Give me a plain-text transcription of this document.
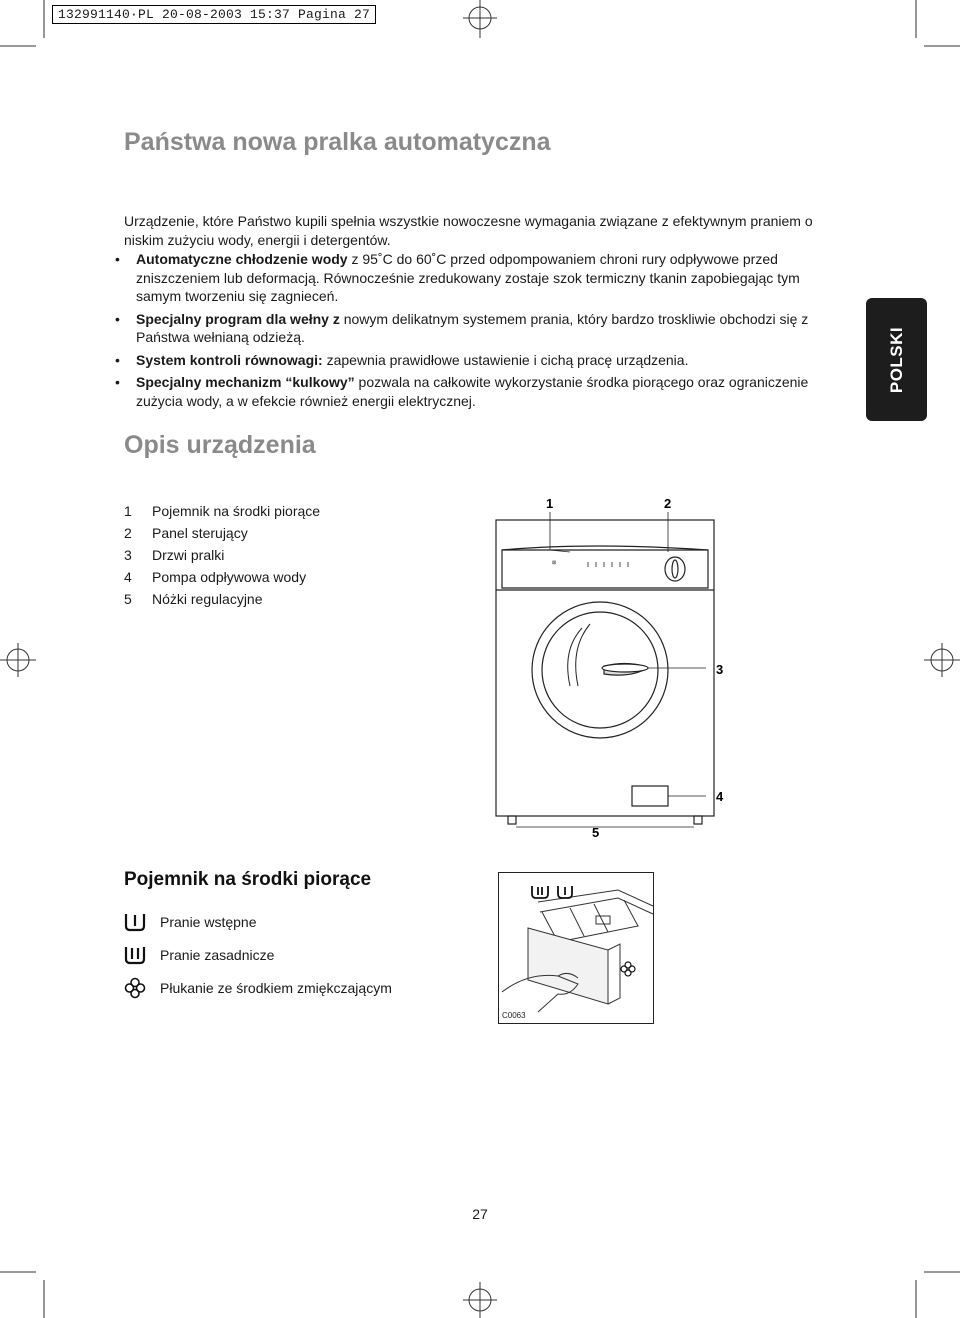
132991140·PL 20-08-2003 15:37 Pagina 27
Państwa nowa pralka automatyczna
Urządzenie, które Państwo kupili spełnia wszystkie nowoczesne wymagania związane z efektywnym praniem o niskim zużyciu wody, energii i detergentów.
• Automatyczne chłodzenie wody z 95˚C do 60˚C przed odpompowaniem chroni rury odpływowe przed zniszczeniem lub deformacją. Równocześnie zredukowany zostaje szok termiczny tkanin zapobiegając tym samym tworzeniu się zagnieceń.
• Specjalny program dla wełny z nowym delikatnym systemem prania, który bardzo troskliwie obchodzi się z Państwa wełnianą odzieżą.
• System kontroli równowagi: zapewnia prawidłowe ustawienie i cichą pracę urządzenia.
• Specjalny mechanizm “kulkowy” pozwala na całkowite wykorzystanie środka piorącego oraz ograniczenie zużycia wody, a w efekcie również energii elektrycznej.
POLSKI
Opis urządzenia
1	Pojemnik na środki piorące
2	Panel sterujący
3	Drzwi pralki
4	Pompa odpływowa wody
5	Nóżki regulacyjne
⊠
1	2
3
4
5
Pojemnik na środki piorące
Pranie wstępne
Pranie zasadnicze
Płukanie ze środkiem zmiękczającym
C0063
27
